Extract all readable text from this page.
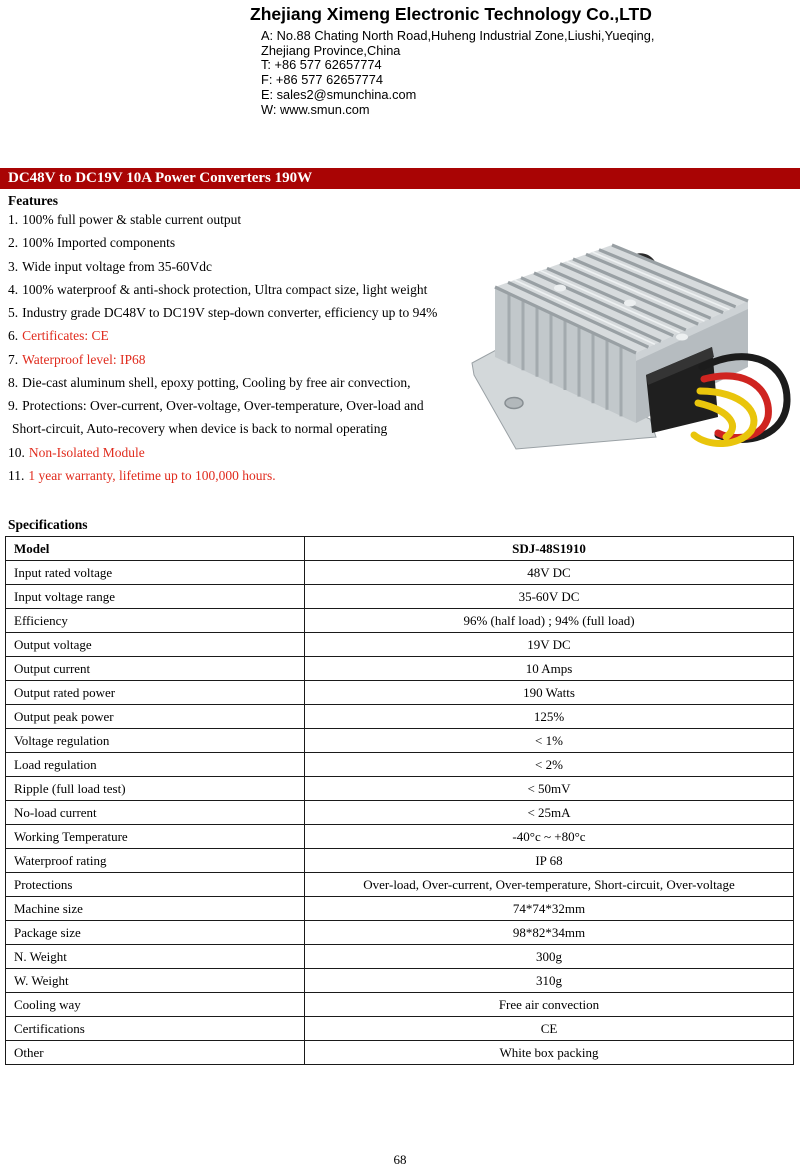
Zhejiang Ximeng Electronic Technology Co.,LTD
A: No.88 Chating North Road,Huheng Industrial Zone,Liushi,Yueqing,
Zhejiang Province,China
T: +86 577 62657774
F: +86 577 62657774
E: sales2@smunchina.com
W: www.smun.com
DC48V to DC19V 10A Power Converters 190W
Features
1. 100% full power & stable current output
2. 100% Imported components
3. Wide input voltage from 35-60Vdc
4. 100% waterproof & anti-shock protection, Ultra compact size, light weight
5. Industry grade DC48V to DC19V step-down converter, efficiency up to 94%
6. Certificates: CE
7. Waterproof level: IP68
8. Die-cast aluminum shell, epoxy potting, Cooling by free air convection,
9. Protections: Over-current, Over-voltage, Over-temperature, Over-load and
Short-circuit, Auto-recovery when device is back to normal operating
10. Non-Isolated Module
11. 1 year warranty, lifetime up to 100,000 hours.
Specifications
Model	SDJ-48S1910
Input rated voltage	48V DC
Input voltage range	35-60V DC
Efficiency	96% (half load) ; 94% (full load)
Output voltage	19V DC
Output current	10 Amps
Output rated power	190 Watts
Output peak power	125%
Voltage regulation	< 1%
Load regulation	< 2%
Ripple (full load test)	< 50mV
No-load current	< 25mA
Working Temperature	-40°c ~ +80°c
Waterproof rating	IP 68
Protections	Over-load, Over-current, Over-temperature, Short-circuit, Over-voltage
Machine size	74*74*32mm
Package size	98*82*34mm
N. Weight	300g
W. Weight	310g
Cooling way	Free air convection
Certifications	CE
Other	White box packing
68
